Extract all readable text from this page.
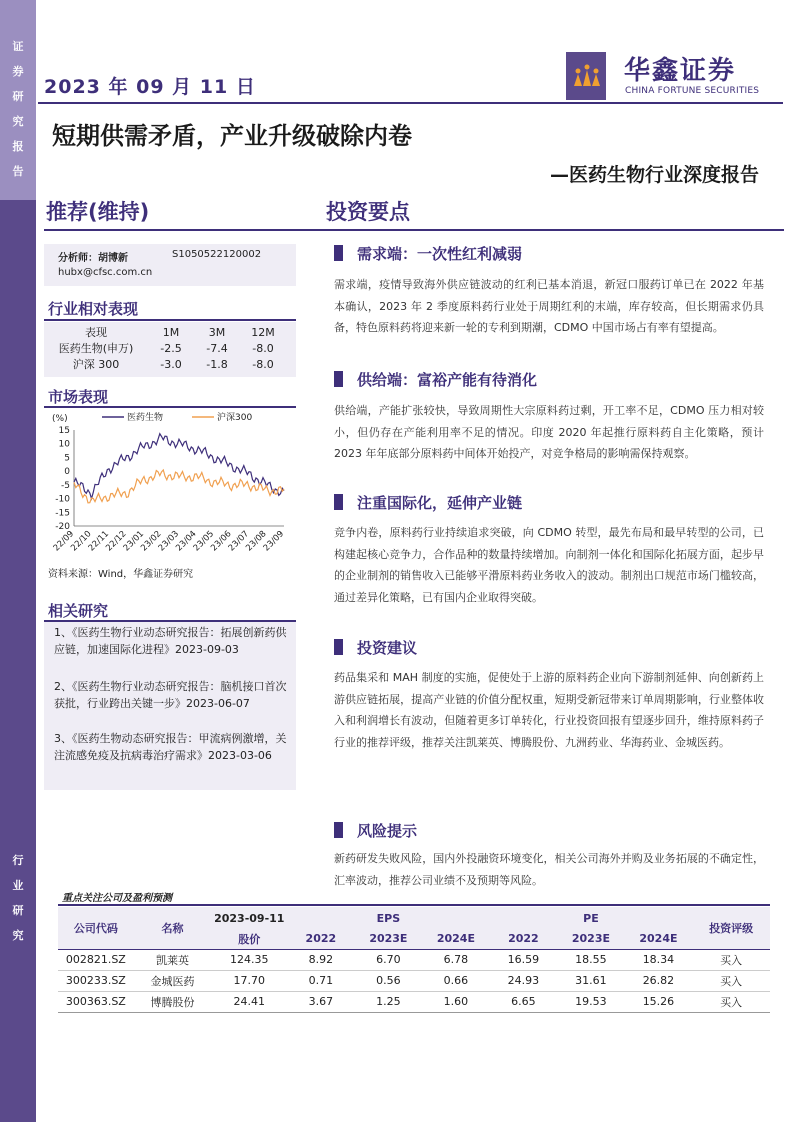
证
券
研
究
报
告
行
业
研
究
2023 年 09 月 11 日
华鑫证券
CHINA FORTUNE SECURITIES
短期供需矛盾，产业升级破除内卷
—医药生物行业深度报告
推荐(维持)	投资要点
分析师：胡博新	S1050522120002
hubx@cfsc.com.cn
行业相对表现
表现	1M	3M	12M
医药生物(申万)	-2.5	-7.4	-8.0
沪深 300	-3.0	-1.8	-8.0
市场表现
(%)
15
10
5
0
-5
-10
-15
-20
22/09
22/10
22/11
22/12
23/01
23/02
23/03
23/04
23/05
23/06
23/07
23/08
23/09
医药生物	沪深300
资料来源：Wind，华鑫证券研究
相关研究
1、《医药生物行业动态研究报告：拓展创新药供应链，加速国际化进程》2023-09-03
2、《医药生物行业动态研究报告：脑机接口首次获批，行业跨出关键一步》2023-06-07
3、《医药生物动态研究报告：甲流病例激增，关注流感免疫及抗病毒治疗需求》2023-03-06
需求端：一次性红利减弱
需求端，疫情导致海外供应链波动的红利已基本消退，新冠口服药订单已在 2022 年基本确认，2023 年 2 季度原料药行业处于周期红利的末端，库存较高，但长期需求仍具备，特色原料药将迎来新一轮的专利到期潮，CDMO 中国市场占有率有望提高。
供给端：富裕产能有待消化
供给端，产能扩张较快，导致周期性大宗原料药过剩，开工率不足，CDMO 压力相对较小，但仍存在产能利用率不足的情况。印度 2020 年起推行原料药自主化策略，预计 2023 年年底部分原料药中间体开始投产，对竞争格局的影响需保持观察。
注重国际化，延伸产业链
竞争内卷，原料药行业持续追求突破，向 CDMO 转型，最先布局和最早转型的公司，已构建起核心竞争力，合作品种的数量持续增加。向制剂一体化和国际化拓展方面，起步早的企业制剂的销售收入已能够平滑原料药业务收入的波动。制剂出口规范市场门槛较高，通过差异化策略，已有国内企业取得突破。
投资建议
药品集采和 MAH 制度的实施，促使处于上游的原料药企业向下游制剂延伸、向创新药上游供应链拓展，提高产业链的价值分配权重，短期受新冠带来订单周期影响，行业整体收入和利润增长有波动，但随着更多订单转化，行业投资回报有望逐步回升，维持原料药子行业的推荐评级，推荐关注凯莱英、博腾股份、九洲药业、华海药业、金城医药。
风险提示
新药研发失败风险，国内外投融资环境变化，相关公司海外并购及业务拓展的不确定性，汇率波动，推荐公司业绩不及预期等风险。
重点关注公司及盈利预测
公司代码	名称	2023-09-11	EPS			PE			投资评级
		股价	2022	2023E	2024E	2022	2023E	2024E	
002821.SZ	凯莱英	124.35	8.92	6.70	6.78	16.59	18.55	18.34	买入
300233.SZ	金城医药	17.70	0.71	0.56	0.66	24.93	31.61	26.82	买入
300363.SZ	博腾股份	24.41	3.67	1.25	1.60	6.65	19.53	15.26	买入
